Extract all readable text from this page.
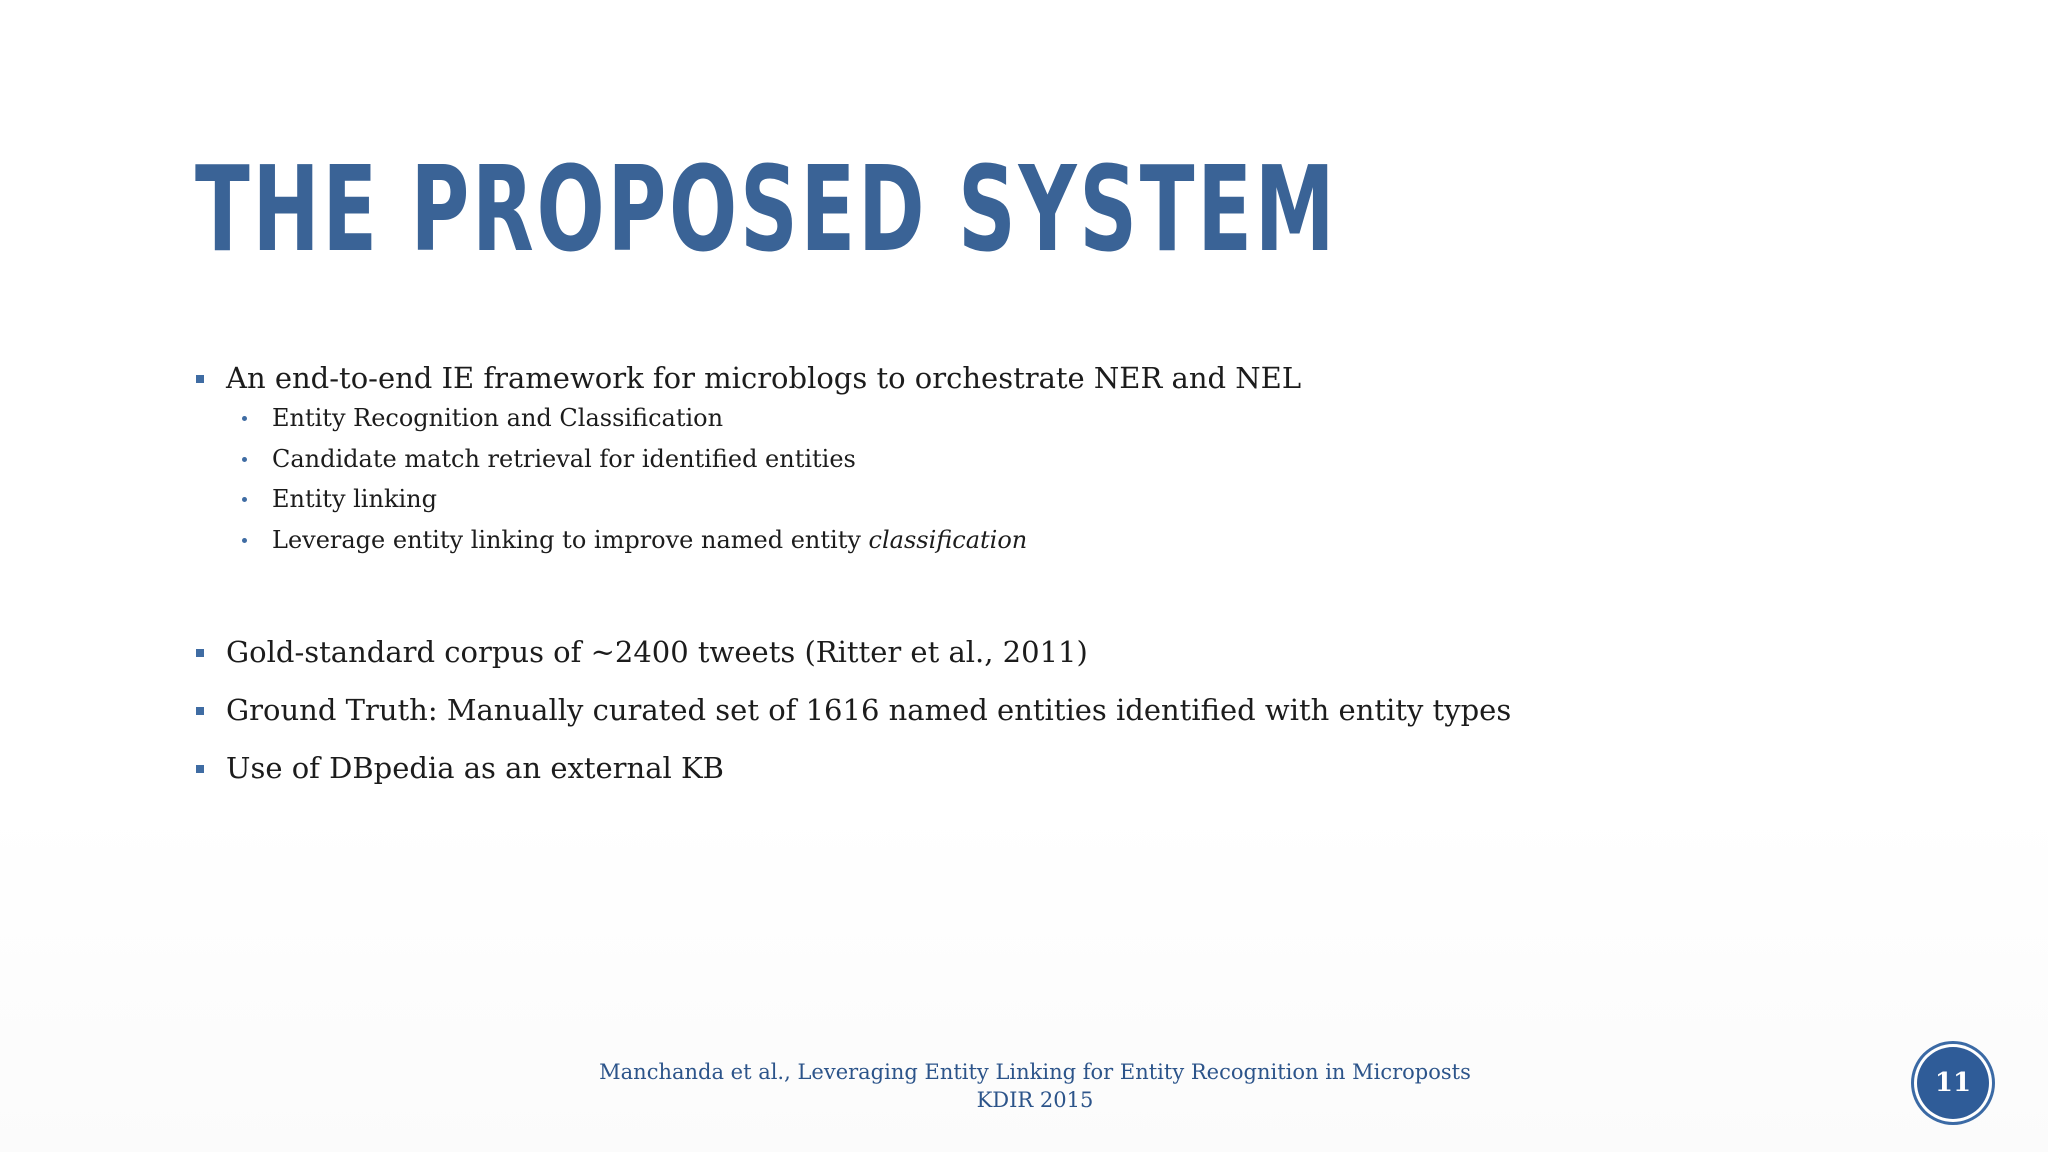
THE PROPOSED SYSTEM
An end-to-end IE framework for microblogs to orchestrate NER and NEL
Entity Recognition and Classification
Candidate match retrieval for identified entities
Entity linking
Leverage entity linking to improve named entity classification
Gold-standard corpus of ~2400 tweets (Ritter et al., 2011)
Ground Truth: Manually curated set of 1616 named entities identified with entity types
Use of DBpedia as an external KB
Manchanda et al., Leveraging Entity Linking for Entity Recognition in Microposts
KDIR 2015
11
